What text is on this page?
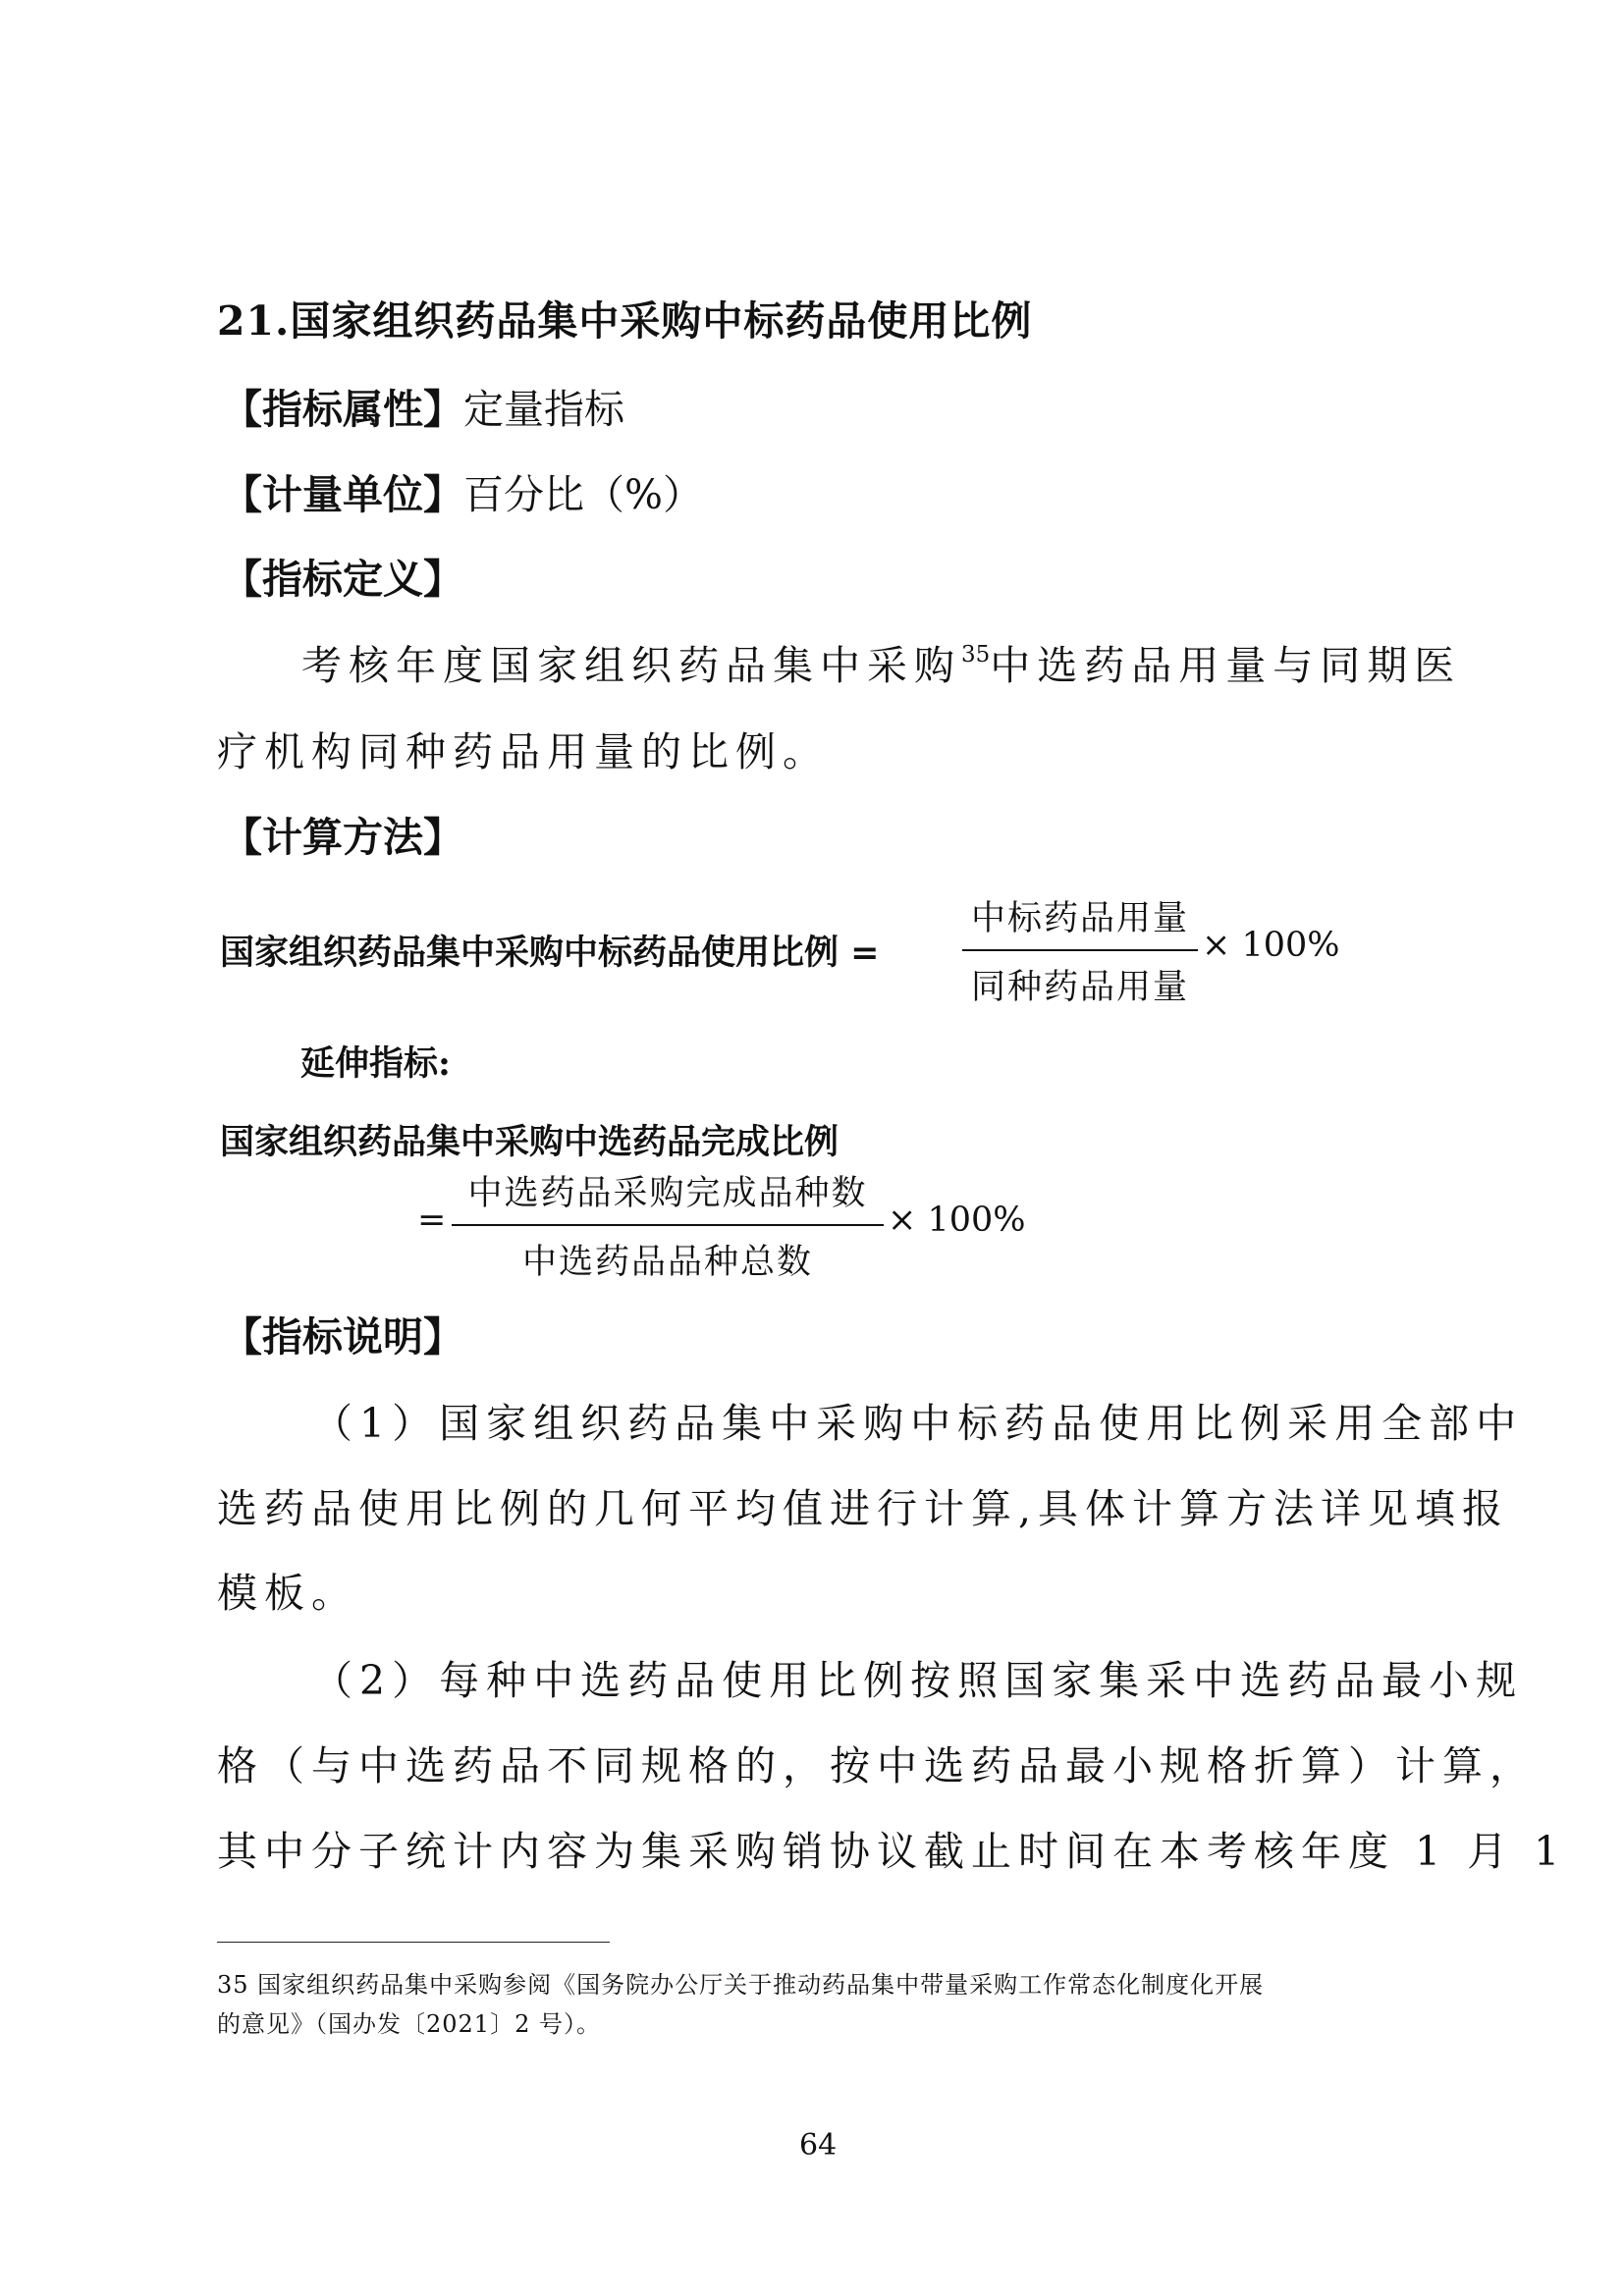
21.国家组织药品集中采购中标药品使用比例
【指标属性】定量指标
【计量单位】百分比（%）
【指标定义】
考核年度国家组织药品集中采购$^{35}$中选药品用量与同期医
疗机构同种药品用量的比例。
【计算方法】
国家组织药品集中采购中标药品使用比例 =
中标药品用量
同种药品用量
× 100%
延伸指标:
国家组织药品集中采购中选药品完成比例
=
中选药品采购完成品种数
中选药品品种总数
× 100%
【指标说明】
（1）国家组织药品集中采购中标药品使用比例采用全部中
选药品使用比例的几何平均值进行计算,具体计算方法详见填报
模板。
（2）每种中选药品使用比例按照国家集采中选药品最小规
格（与中选药品不同规格的，按中选药品最小规格折算）计算，
其中分子统计内容为集采购销协议截止时间在本考核年度 1 月 1
35 国家组织药品集中采购参阅《国务院办公厅关于推动药品集中带量采购工作常态化制度化开展
的意见》（国办发〔2021〕2 号）。
64
